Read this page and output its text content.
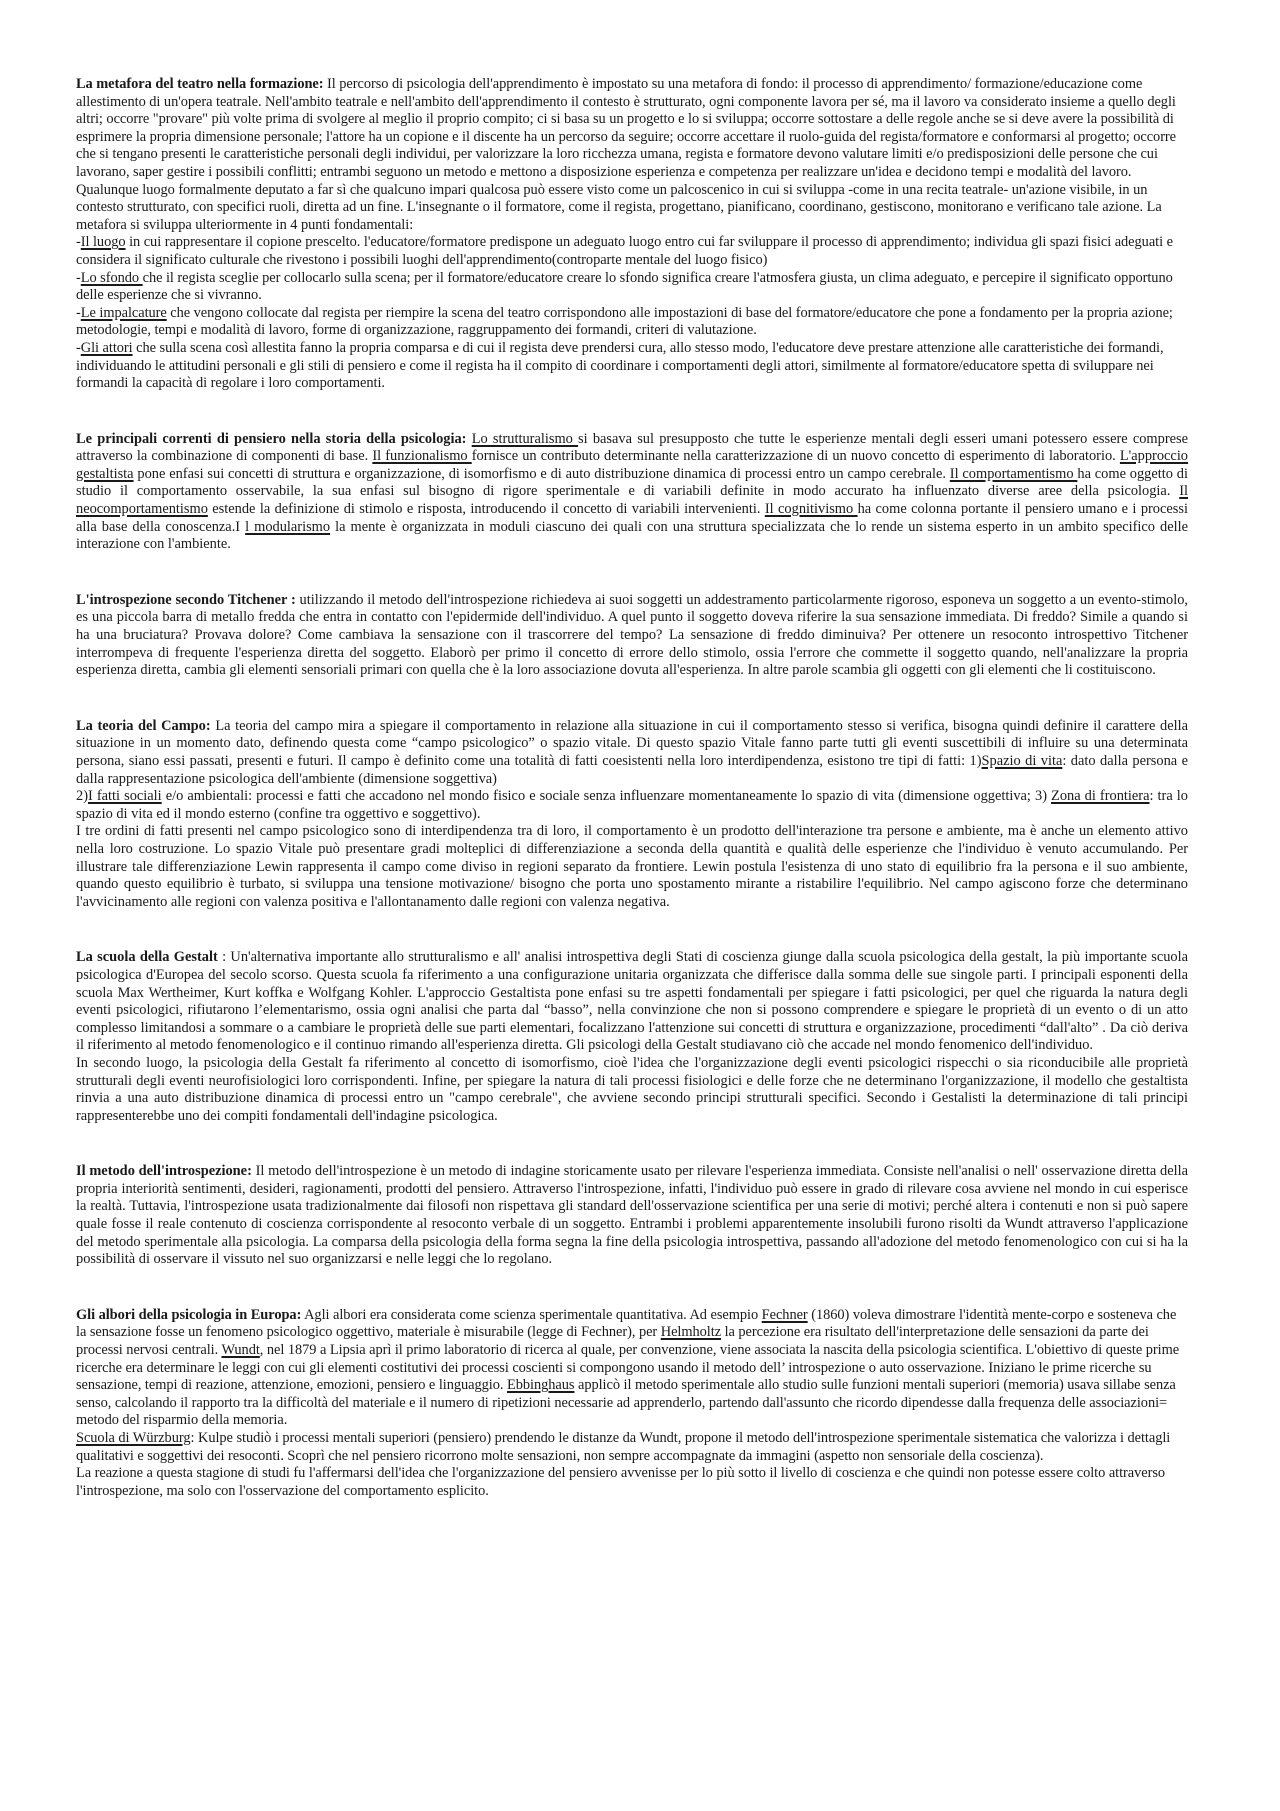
La metafora del teatro nella formazione: Il percorso di psicologia dell'apprendimento è impostato su una metafora di fondo: il processo di apprendimento/ formazione/educazione come allestimento di un'opera teatrale. Nell'ambito teatrale e nell'ambito dell'apprendimento il contesto è strutturato, ogni componente lavora per sé, ma il lavoro va considerato insieme a quello degli altri; occorre "provare" più volte prima di svolgere al meglio il proprio compito; ci si basa su un progetto e lo si sviluppa; occorre sottostare a delle regole anche se si deve avere la possibilità di esprimere la propria dimensione personale; l'attore ha un copione e il discente ha un percorso da seguire; occorre accettare il ruolo-guida del regista/formatore e conformarsi al progetto; occorre che si tengano presenti le caratteristiche personali degli individui, per valorizzare la loro ricchezza umana, regista e formatore devono valutare limiti e/o predisposizioni delle persone che cui lavorano, saper gestire i possibili conflitti; entrambi seguono un metodo e mettono a disposizione esperienza e competenza per realizzare un'idea e decidono tempi e modalità del lavoro. Qualunque luogo formalmente deputato a far sì che qualcuno impari qualcosa può essere visto come un palcoscenico in cui si sviluppa -come in una recita teatrale- un'azione visibile, in un contesto strutturato, con specifici ruoli, diretta ad un fine. L'insegnante o il formatore, come il regista, progettano, pianificano, coordinano, gestiscono, monitorano e verificano tale azione. La metafora si sviluppa ulteriormente in 4 punti fondamentali:

-Il luogo in cui rappresentare il copione prescelto. l'educatore/formatore predispone un adeguato luogo entro cui far sviluppare il processo di apprendimento; individua gli spazi fisici adeguati e considera il significato culturale che rivestono i possibili luoghi dell'apprendimento(controparte mentale del luogo fisico)

-Lo sfondo che il regista sceglie per collocarlo sulla scena; per il formatore/educatore creare lo sfondo significa creare l'atmosfera giusta, un clima adeguato, e percepire il significato opportuno delle esperienze che si vivranno.

-Le impalcature che vengono collocate dal regista per riempire la scena del teatro corrispondono alle impostazioni di base del formatore/educatore che pone a fondamento per la propria azione; metodologie, tempi e modalità di lavoro, forme di organizzazione, raggruppamento dei formandi, criteri di valutazione.

-Gli attori che sulla scena così allestita fanno la propria comparsa e di cui il regista deve prendersi cura, allo stesso modo, l'educatore deve prestare attenzione alle caratteristiche dei formandi, individuando le attitudini personali e gli stili di pensiero e come il regista ha il compito di coordinare i comportamenti degli attori, similmente al formatore/educatore spetta di sviluppare nei formandi la capacità di regolare i loro comportamenti.

Le principali correnti di pensiero nella storia della psicologia: Lo strutturalismo si basava sul presupposto che tutte le esperienze mentali degli esseri umani potessero essere comprese attraverso la combinazione di componenti di base. Il funzionalismo fornisce un contributo determinante nella caratterizzazione di un nuovo concetto di esperimento di laboratorio. L'approccio gestaltista pone enfasi sui concetti di struttura e organizzazione, di isomorfismo e di auto distribuzione dinamica di processi entro un campo cerebrale. Il comportamentismo ha come oggetto di studio il comportamento osservabile, la sua enfasi sul bisogno di rigore sperimentale e di variabili definite in modo accurato ha influenzato diverse aree della psicologia. Il neocomportamentismo estende la definizione di stimolo e risposta, introducendo il concetto di variabili intervenienti. Il cognitivismo ha come colonna portante il pensiero umano e i processi alla base della conoscenza.I l modularismo la mente è organizzata in moduli ciascuno dei quali con una struttura specializzata che lo rende un sistema esperto in un ambito specifico delle interazione con l'ambiente.

L'introspezione secondo Titchener : utilizzando il metodo dell'introspezione richiedeva ai suoi soggetti un addestramento particolarmente rigoroso, esponeva un soggetto a un evento-stimolo, es una piccola barra di metallo fredda che entra in contatto con l'epidermide dell'individuo. A quel punto il soggetto doveva riferire la sua sensazione immediata. Di freddo? Simile a quando si ha una bruciatura? Provava dolore? Come cambiava la sensazione con il trascorrere del tempo? La sensazione di freddo diminuiva? Per ottenere un resoconto introspettivo Titchener interrompeva di frequente l'esperienza diretta del soggetto. Elaborò per primo il concetto di errore dello stimolo, ossia l'errore che commette il soggetto quando, nell'analizzare la propria esperienza diretta, cambia gli elementi sensoriali primari con quella che è la loro associazione dovuta all'esperienza. In altre parole scambia gli oggetti con gli elementi che li costituiscono.

La teoria del Campo: La teoria del campo mira a spiegare il comportamento in relazione alla situazione in cui il comportamento stesso si verifica, bisogna quindi definire il carattere della situazione in un momento dato, definendo questa come “campo psicologico” o spazio vitale. Di questo spazio Vitale fanno parte tutti gli eventi suscettibili di influire su una determinata persona, siano essi passati, presenti e futuri. Il campo è definito come una totalità di fatti coesistenti nella loro interdipendenza, esistono tre tipi di fatti: 1)Spazio di vita: dato dalla persona e dalla rappresentazione psicologica dell'ambiente (dimensione soggettiva)

2)I fatti sociali e/o ambientali: processi e fatti che accadono nel mondo fisico e sociale senza influenzare momentaneamente lo spazio di vita (dimensione oggettiva; 3) Zona di frontiera: tra lo spazio di vita ed il mondo esterno (confine tra oggettivo e soggettivo).

I tre ordini di fatti presenti nel campo psicologico sono di interdipendenza tra di loro, il comportamento è un prodotto dell'interazione tra persone e ambiente, ma è anche un elemento attivo nella loro costruzione. Lo spazio Vitale può presentare gradi molteplici di differenziazione a seconda della quantità e qualità delle esperienze che l'individuo è venuto accumulando. Per illustrare tale differenziazione Lewin rappresenta il campo come diviso in regioni separato da frontiere. Lewin postula l'esistenza di uno stato di equilibrio fra la persona e il suo ambiente, quando questo equilibrio è turbato, si sviluppa una tensione motivazione/ bisogno che porta uno spostamento mirante a ristabilire l'equilibrio. Nel campo agiscono forze che determinano l'avvicinamento alle regioni con valenza positiva e l'allontanamento dalle regioni con valenza negativa.

La scuola della Gestalt : Un'alternativa importante allo strutturalismo e all' analisi introspettiva degli Stati di coscienza giunge dalla scuola psicologica della gestalt, la più importante scuola psicologica d'Europea del secolo scorso. Questa scuola fa riferimento a una configurazione unitaria organizzata che differisce dalla somma delle sue singole parti. I principali esponenti della scuola Max Wertheimer, Kurt koffka e Wolfgang Kohler. L'approccio Gestaltista pone enfasi su tre aspetti fondamentali per spiegare i fatti psicologici, per quel che riguarda la natura degli eventi psicologici, rifiutarono l’elementarismo, ossia ogni analisi che parta dal “basso”, nella convinzione che non si possono comprendere e spiegare le proprietà di un evento o di un atto complesso limitandosi a sommare o a cambiare le proprietà delle sue parti elementari, focalizzano l'attenzione sui concetti di struttura e organizzazione, procedimenti “dall'alto” . Da ciò deriva il riferimento al metodo fenomenologico e il continuo rimando all'esperienza diretta. Gli psicologi della Gestalt studiavano ciò che accade nel mondo fenomenico dell'individuo.

In secondo luogo, la psicologia della Gestalt fa riferimento al concetto di isomorfismo, cioè l'idea che l'organizzazione degli eventi psicologici rispecchi o sia riconducibile alle proprietà strutturali degli eventi neurofisiologici loro corrispondenti. Infine, per spiegare la natura di tali processi fisiologici e delle forze che ne determinano l'organizzazione, il modello che gestaltista rinvia a una auto distribuzione dinamica di processi entro un "campo cerebrale", che avviene secondo principi strutturali specifici. Secondo i Gestalisti la determinazione di tali principi rappresenterebbe uno dei compiti fondamentali dell'indagine psicologica.

Il metodo dell'introspezione: Il metodo dell'introspezione è un metodo di indagine storicamente usato per rilevare l'esperienza immediata. Consiste nell'analisi o nell' osservazione diretta della propria interiorità sentimenti, desideri, ragionamenti, prodotti del pensiero. Attraverso l'introspezione, infatti, l'individuo può essere in grado di rilevare cosa avviene nel mondo in cui esperisce la realtà. Tuttavia, l'introspezione usata tradizionalmente dai filosofi non rispettava gli standard dell'osservazione scientifica per una serie di motivi; perché altera i contenuti e non si può sapere quale fosse il reale contenuto di coscienza corrispondente al resoconto verbale di un soggetto. Entrambi i problemi apparentemente insolubili furono risolti da Wundt attraverso l'applicazione del metodo sperimentale alla psicologia. La comparsa della psicologia della forma segna la fine della psicologia introspettiva, passando all'adozione del metodo fenomenologico con cui si ha la possibilità di osservare il vissuto nel suo organizzarsi e nelle leggi che lo regolano.

Gli albori della psicologia in Europa: Agli albori era considerata come scienza sperimentale quantitativa. Ad esempio Fechner (1860) voleva dimostrare l'identità mente-corpo e sosteneva che la sensazione fosse un fenomeno psicologico oggettivo, materiale è misurabile (legge di Fechner), per Helmholtz la percezione era risultato dell'interpretazione delle sensazioni da parte dei processi nervosi centrali. Wundt, nel 1879 a Lipsia aprì il primo laboratorio di ricerca al quale, per convenzione, viene associata la nascita della psicologia scientifica. L'obiettivo di queste prime ricerche era determinare le leggi con cui gli elementi costitutivi dei processi coscienti si compongono usando il metodo dell’ introspezione o auto osservazione. Iniziano le prime ricerche su sensazione, tempi di reazione, attenzione, emozioni, pensiero e linguaggio. Ebbinghaus applicò il metodo sperimentale allo studio sulle funzioni mentali superiori (memoria) usava sillabe senza senso, calcolando il rapporto tra la difficoltà del materiale e il numero di ripetizioni necessarie ad apprenderlo, partendo dall'assunto che ricordo dipendesse dalla frequenza delle associazioni= metodo del risparmio della memoria.

Scuola di Würzburg: Kulpe studiò i processi mentali superiori (pensiero) prendendo le distanze da Wundt, propone il metodo dell'introspezione sperimentale sistematica che valorizza i dettagli qualitativi e soggettivi dei resoconti. Scoprì che nel pensiero ricorrono molte sensazioni, non sempre accompagnate da immagini (aspetto non sensoriale della coscienza).

La reazione a questa stagione di studi fu l'affermarsi dell'idea che l'organizzazione del pensiero avvenisse per lo più sotto il livello di coscienza e che quindi non potesse essere colto attraverso l'introspezione, ma solo con l'osservazione del comportamento esplicito.
